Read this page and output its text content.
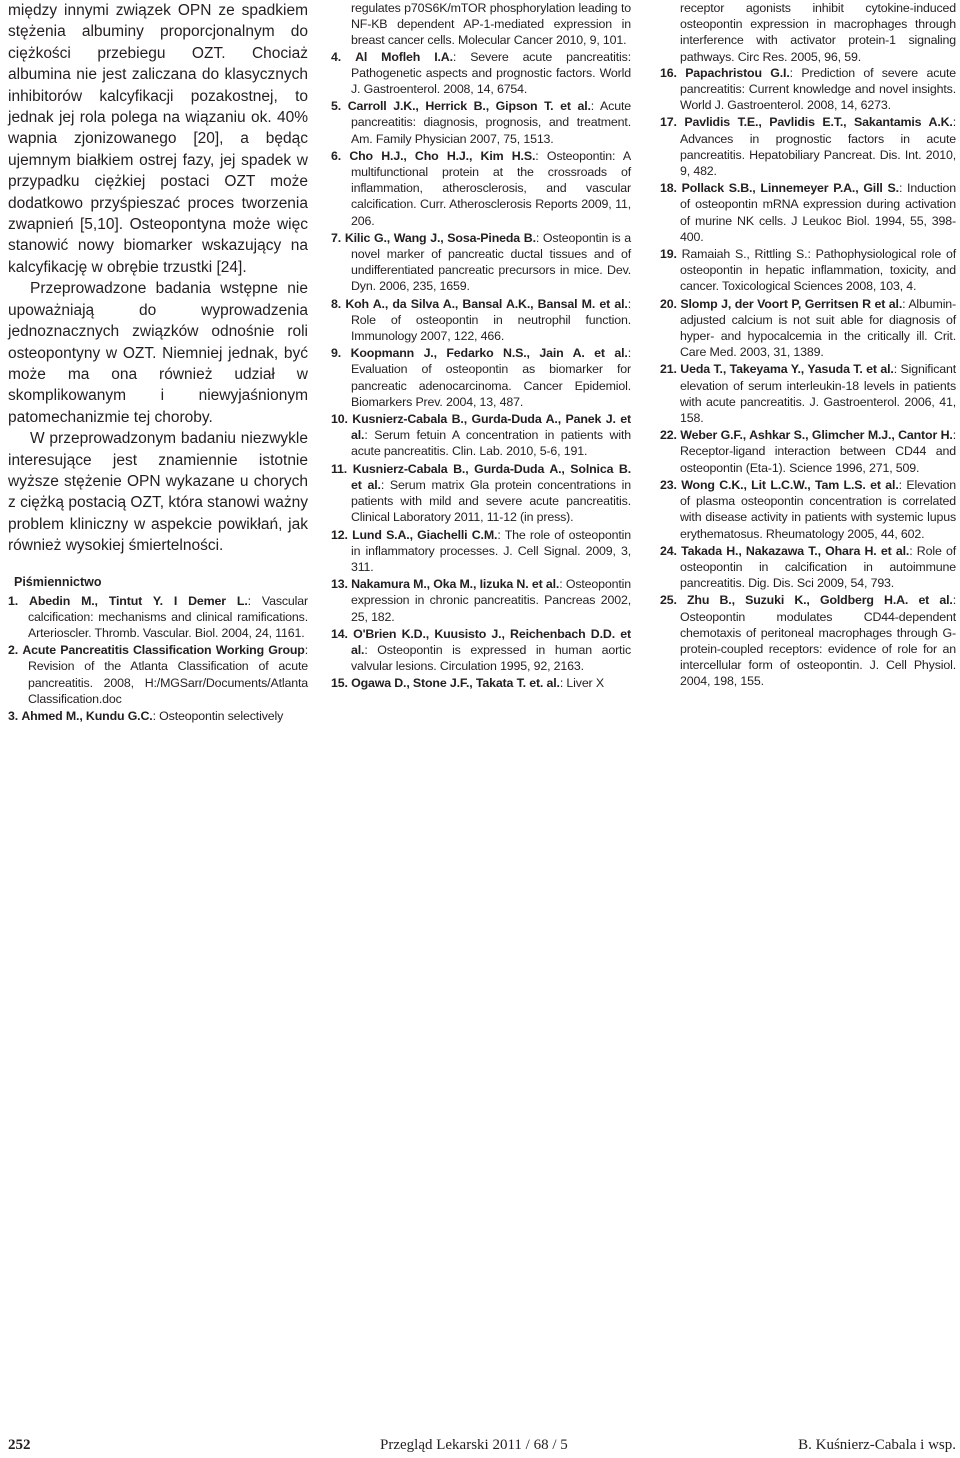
między innymi związek OPN ze spadkiem stężenia albuminy proporcjonalnym do ciężkości przebiegu OZT. Chociaż albumina nie jest zaliczana do klasycznych inhibitorów kalcyfikacji pozakostnej, to jednak jej rola polega na wiązaniu ok. 40% wapnia zjonizowanego [20], a będąc ujemnym białkiem ostrej fazy, jej spadek w przypadku ciężkiej postaci OZT może dodatkowo przyśpieszać proces tworzenia zwapnień [5,10]. Osteopontyna może więc stanowić nowy biomarker wskazujący na kalcyfikację w obrębie trzustki [24].

Przeprowadzone badania wstępne nie upoważniają do wyprowadzenia jednoznacznych związków odnośnie roli osteopontyny w OZT. Niemniej jednak, być może ma ona również udział w skomplikowanym i niewyjaśnionym patomechanizmie tej choroby.

W przeprowadzonym badaniu niezwykle interesujące jest znamiennie istotnie wyższe stężenie OPN wykazane u chorych z ciężką postacią OZT, która stanowi ważny problem kliniczny w aspekcie powikłań, jak również wysokiej śmiertelności.

Piśmiennictwo
1. Abedin M., Tintut Y. I Demer L.: Vascular calcification: mechanisms and clinical ramifications. Arterioscler. Thromb. Vascular. Biol. 2004, 24, 1161.
2. Acute Pancreatitis Classification Working Group: Revision of the Atlanta Classification of acute pancreatitis. 2008, H:/MGSarr/Documents/Atlanta Classification.doc
3. Ahmed M., Kundu G.C.: Osteopontin selectively
regulates p70S6K/mTOR phosphorylation leading to NF-KB dependent AP-1-mediated expression in breast cancer cells. Molecular Cancer 2010, 9, 101.
4. Al Mofleh I.A.: Severe acute pancreatitis: Pathogenetic aspects and prognostic factors. World J. Gastroenterol. 2008, 14, 6754.
5. Carroll J.K., Herrick B., Gipson T. et al.: Acute pancreatitis: diagnosis, prognosis, and treatment. Am. Family Physician 2007, 75, 1513.
6. Cho H.J., Cho H.J., Kim H.S.: Osteopontin: A multifunctional protein at the crossroads of inflammation, atherosclerosis, and vascular calcification. Curr. Atherosclerosis Reports 2009, 11, 206.
7. Kilic G., Wang J., Sosa-Pineda B.: Osteopontin is a novel marker of pancreatic ductal tissues and of undifferentiated pancreatic precursors in mice. Dev. Dyn. 2006, 235, 1659.
8. Koh A., da Silva A., Bansal A.K., Bansal M. et al.: Role of osteopontin in neutrophil function. Immunology 2007, 122, 466.
9. Koopmann J., Fedarko N.S., Jain A. et al.: Evaluation of osteopontin as biomarker for pancreatic adenocarcinoma. Cancer Epidemiol. Biomarkers Prev. 2004, 13, 487.
10. Kusnierz-Cabala B., Gurda-Duda A., Panek J. et al.: Serum fetuin A concentration in patients with acute pancreatitis. Clin. Lab. 2010, 5-6, 191.
11. Kusnierz-Cabala B., Gurda-Duda A., Solnica B. et al.: Serum matrix Gla protein concentrations in patients with mild and severe acute pancreatitis. Clinical Laboratory 2011, 11-12 (in press).
12. Lund S.A., Giachelli C.M.: The role of osteopontin in inflammatory processes. J. Cell Signal. 2009, 3, 311.
13. Nakamura M., Oka M., Iizuka N. et al.: Osteopontin expression in chronic pancreatitis. Pancreas 2002, 25, 182.
14. O'Brien K.D., Kuusisto J., Reichenbach D.D. et al.: Osteopontin is expressed in human aortic valvular lesions. Circulation 1995, 92, 2163.
15. Ogawa D., Stone J.F., Takata T. et. al.: Liver X
receptor agonists inhibit cytokine-induced osteopontin expression in macrophages through interference with activator protein-1 signaling pathways. Circ Res. 2005, 96, 59.
16. Papachristou G.I.: Prediction of severe acute pancreatitis: Current knowledge and novel insights. World J. Gastroenterol. 2008, 14, 6273.
17. Pavlidis T.E., Pavlidis E.T., Sakantamis A.K.: Advances in prognostic factors in acute pancreatitis. Hepatobiliary Pancreat. Dis. Int. 2010, 9, 482.
18. Pollack S.B., Linnemeyer P.A., Gill S.: Induction of osteopontin mRNA expression during activation of murine NK cells. J Leukoc Biol. 1994, 55, 398-400.
19. Ramaiah S., Rittling S.: Pathophysiological role of osteopontin in hepatic inflammation, toxicity, and cancer. Toxicological Sciences 2008, 103, 4.
20. Slomp J, der Voort P, Gerritsen R et al.: Albumin-adjusted calcium is not suit able for diagnosis of hyper- and hypocalcemia in the critically ill. Crit. Care Med. 2003, 31, 1389.
21. Ueda T., Takeyama Y., Yasuda T. et al.: Significant elevation of serum interleukin-18 levels in patients with acute pancreatitis. J. Gastroenterol. 2006, 41, 158.
22. Weber G.F., Ashkar S., Glimcher M.J., Cantor H.: Receptor-ligand interaction between CD44 and osteopontin (Eta-1). Science 1996, 271, 509.
23. Wong C.K., Lit L.C.W., Tam L.S. et al.: Elevation of plasma osteopontin concentration is correlated with disease activity in patients with systemic lupus erythematosus. Rheumatology 2005, 44, 602.
24. Takada H., Nakazawa T., Ohara H. et al.: Role of osteopontin in calcification in autoimmune pancreatitis. Dig. Dis. Sci 2009, 54, 793.
25. Zhu B., Suzuki K., Goldberg H.A. et al.: Osteopontin modulates CD44-dependent chemotaxis of peritoneal macrophages through G-protein-coupled receptors: evidence of role for an intercellular form of osteopontin. J. Cell Physiol. 2004, 198, 155.
252	Przegląd Lekarski 2011 / 68 / 5	B. Kuśnierz-Cabala i wsp.
